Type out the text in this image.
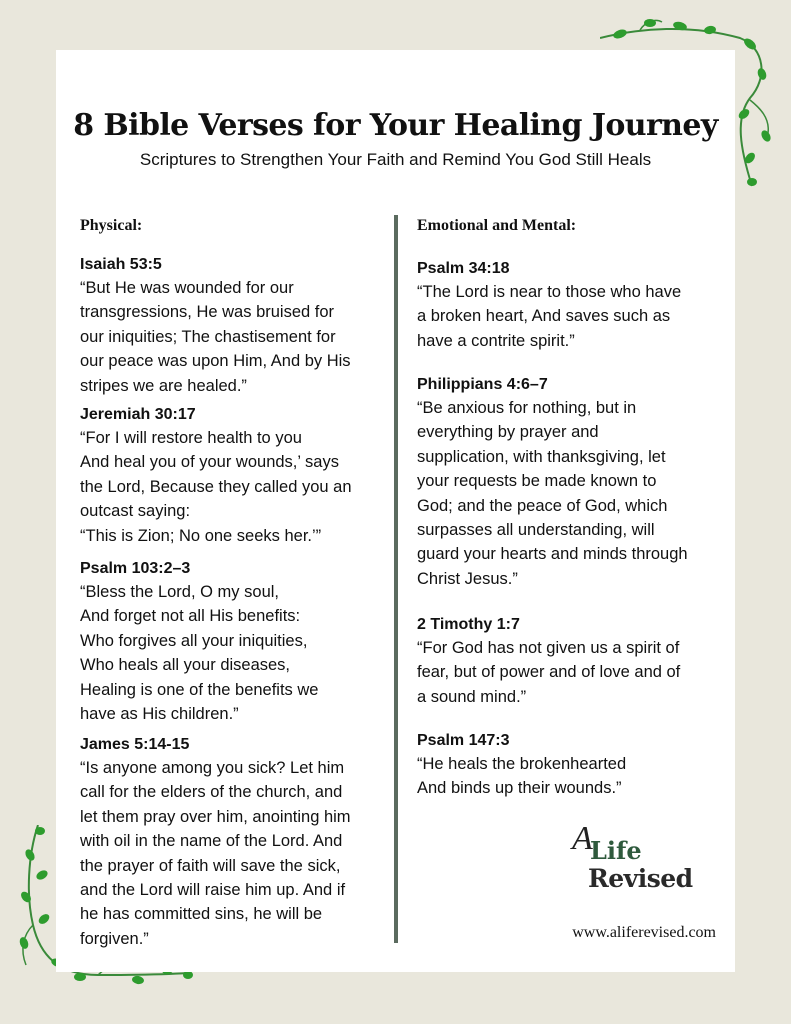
8 Bible Verses for Your Healing Journey
Scriptures to Strengthen Your Faith and Remind You God Still Heals
Physical:
Isaiah 53:5

“But He was wounded for our
transgressions, He was bruised for
our iniquities; The chastisement for
our peace was upon Him, And by His
stripes we are healed.”

Jeremiah 30:17

“For I will restore health to you
And heal you of your wounds,’ says
the Lord, Because they called you an
outcast saying:
“This is Zion; No one seeks her.’”

Psalm 103:2–3

“Bless the Lord, O my soul,
And forget not all His benefits:
Who forgives all your iniquities,
Who heals all your diseases,
Healing is one of the benefits we
have as His children.”

James 5:14-15

“Is anyone among you sick? Let him
call for the elders of the church, and
let them pray over him, anointing him
with oil in the name of the Lord. And
the prayer of faith will save the sick,
and the Lord will raise him up. And if
he has committed sins, he will be
forgiven.”

Emotional and Mental:
Psalm 34:18

“The Lord is near to those who have
a broken heart, And saves such as
have a contrite spirit.”

Philippians 4:6–7

“Be anxious for nothing, but in
everything by prayer and
supplication, with thanksgiving, let
your requests be made known to
God; and the peace of God, which
surpasses all understanding, will
guard your hearts and minds through
Christ Jesus.”

2 Timothy 1:7

“For God has not given us a spirit of
fear, but of power and of love and of
a sound mind.”

Psalm 147:3

“He heals the brokenhearted
And binds up their wounds.”

A
Life
Revised
www.aliferevised.com
